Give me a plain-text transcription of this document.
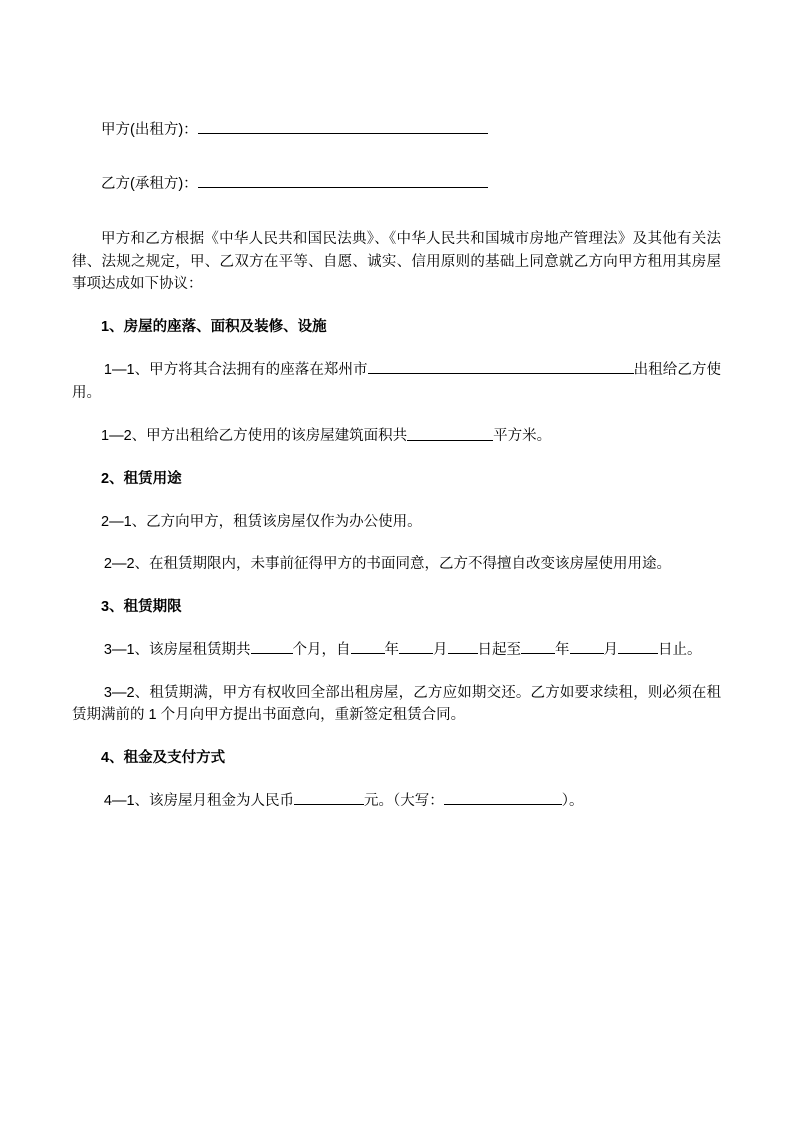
甲方(出租方)：

乙方(承租方)：

甲方和乙方根据《中华人民共和国民法典》、《中华人民共和国城市房地产管理法》及其他有关法律、法规之规定，甲、乙双方在平等、自愿、诚实、信用原则的基础上同意就乙方向甲方租用其房屋事项达成如下协议：

1、房屋的座落、面积及装修、设施

1—1、甲方将其合法拥有的座落在郑州市	出租给乙方使用。

1—2、甲方出租给乙方使用的该房屋建筑面积共	平方米。

2、租赁用途

2—1、乙方向甲方，租赁该房屋仅作为办公使用。

2—2、在租赁期限内，未事前征得甲方的书面同意，乙方不得擅自改变该房屋使用用途。

3、租赁期限

3—1、该房屋租赁期共	个月，自 年 月 日起至 年 月	日止。

3—2、租赁期满，甲方有权收回全部出租房屋，乙方应如期交还。乙方如要求续租，则必须在租赁期满前的 1 个月向甲方提出书面意向，重新签定租赁合同。

4、租金及支付方式

4—1、该房屋月租金为人民币	元。（大写：	）。
